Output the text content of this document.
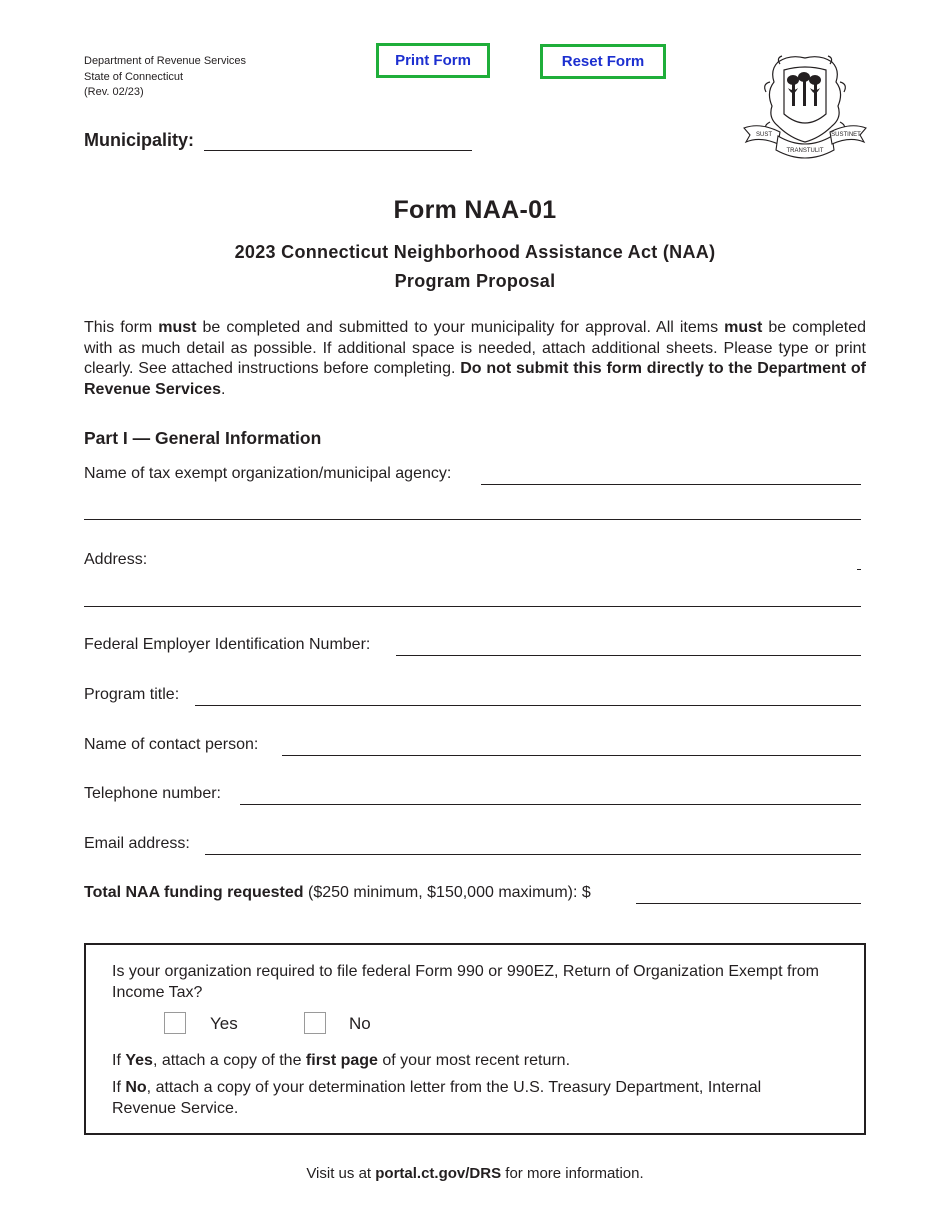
Department of Revenue Services
State of Connecticut
(Rev. 02/23)
Print Form	Reset Form
SUST
TRANSTULIT
SUSTINET
Municipality:
Form NAA-01
2023 Connecticut Neighborhood Assistance Act (NAA)
Program Proposal
This form must be completed and submitted to your municipality for approval. All items must be completed with as much detail as possible. If additional space is needed, attach additional sheets. Please type or print clearly. See attached instructions before completing. Do not submit this form directly to the Department of Revenue Services.
Part I — General Information
Name of tax exempt organization/municipal agency:
Address:
Federal Employer Identification Number:
Program title:
Name of contact person:
Telephone number:
Email address:
Total NAA funding requested ($250 minimum, $150,000 maximum): $
Is your organization required to file federal Form 990 or 990EZ, Return of Organization Exempt from Income Tax?
Yes	No
If Yes, attach a copy of the first page of your most recent return.
If No, attach a copy of your determination letter from the U.S. Treasury Department, Internal Revenue Service.
Visit us at portal.ct.gov/DRS for more information.
